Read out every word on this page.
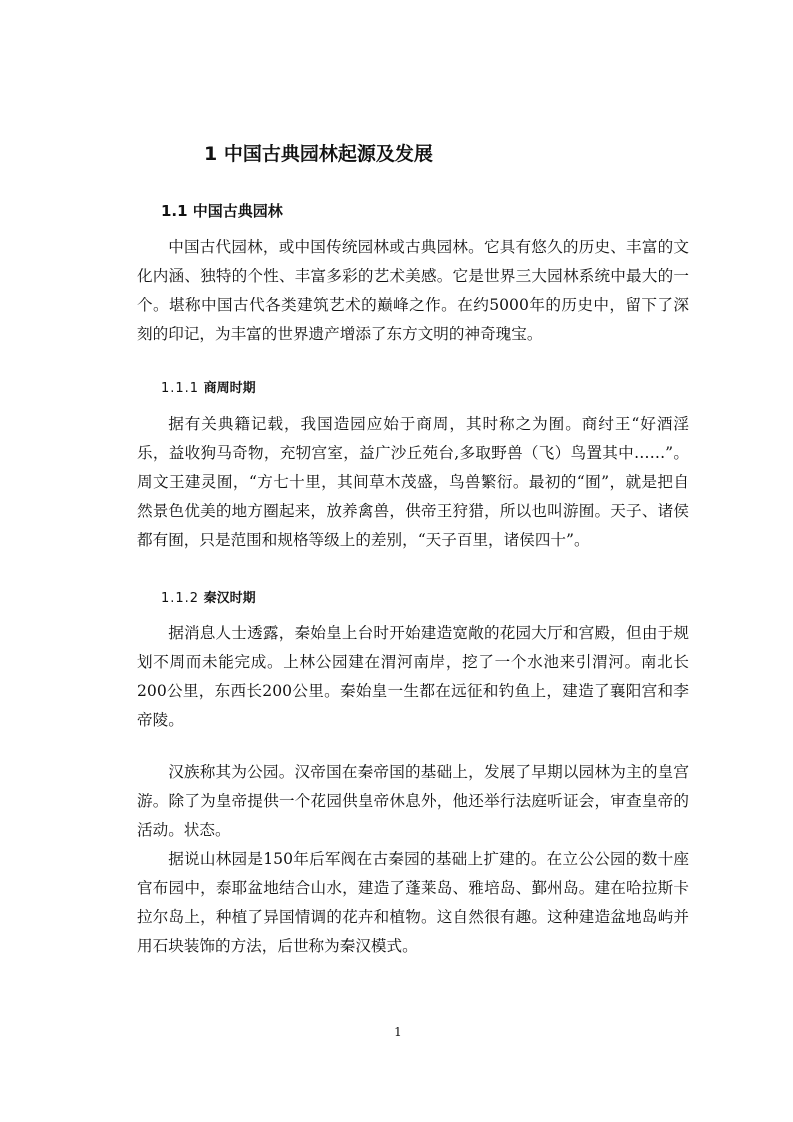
1 中国古典园林起源及发展
1.1 中国古典园林

中国古代园林，或中国传统园林或古典园林。它具有悠久的历史、丰富的文化内涵、独特的个性、丰富多彩的艺术美感。它是世界三大园林系统中最大的一个。堪称中国古代各类建筑艺术的巅峰之作。在约5000年的历史中，留下了深刻的印记，为丰富的世界遗产增添了东方文明的神奇瑰宝。

1.1.1 商周时期

据有关典籍记载，我国造园应始于商周，其时称之为囿。商纣王“好酒淫乐，益收狗马奇物，充牣宫室，益广沙丘苑台,多取野兽（飞）鸟置其中……”。周文王建灵囿，“方七十里，其间草木茂盛，鸟兽繁衍。最初的“囿”，就是把自然景色优美的地方圈起来，放养禽兽，供帝王狩猎，所以也叫游囿。天子、诸侯都有囿，只是范围和规格等级上的差别，“天子百里，诸侯四十”。

1.1.2 秦汉时期

据消息人士透露，秦始皇上台时开始建造宽敞的花园大厅和宫殿，但由于规划不周而未能完成。上林公园建在渭河南岸，挖了一个水池来引渭河。南北长200公里，东西长200公里。秦始皇一生都在远征和钓鱼上，建造了襄阳宫和李帝陵。

汉族称其为公园。汉帝国在秦帝国的基础上，发展了早期以园林为主的皇宫游。除了为皇帝提供一个花园供皇帝休息外，他还举行法庭听证会，审查皇帝的活动。状态。

据说山林园是150年后军阀在古秦园的基础上扩建的。在立公公园的数十座官布园中，泰耶盆地结合山水，建造了蓬莱岛、雅培岛、鄞州岛。建在哈拉斯卡拉尔岛上，种植了异国情调的花卉和植物。这自然很有趣。这种建造盆地岛屿并用石块装饰的方法，后世称为秦汉模式。

1
